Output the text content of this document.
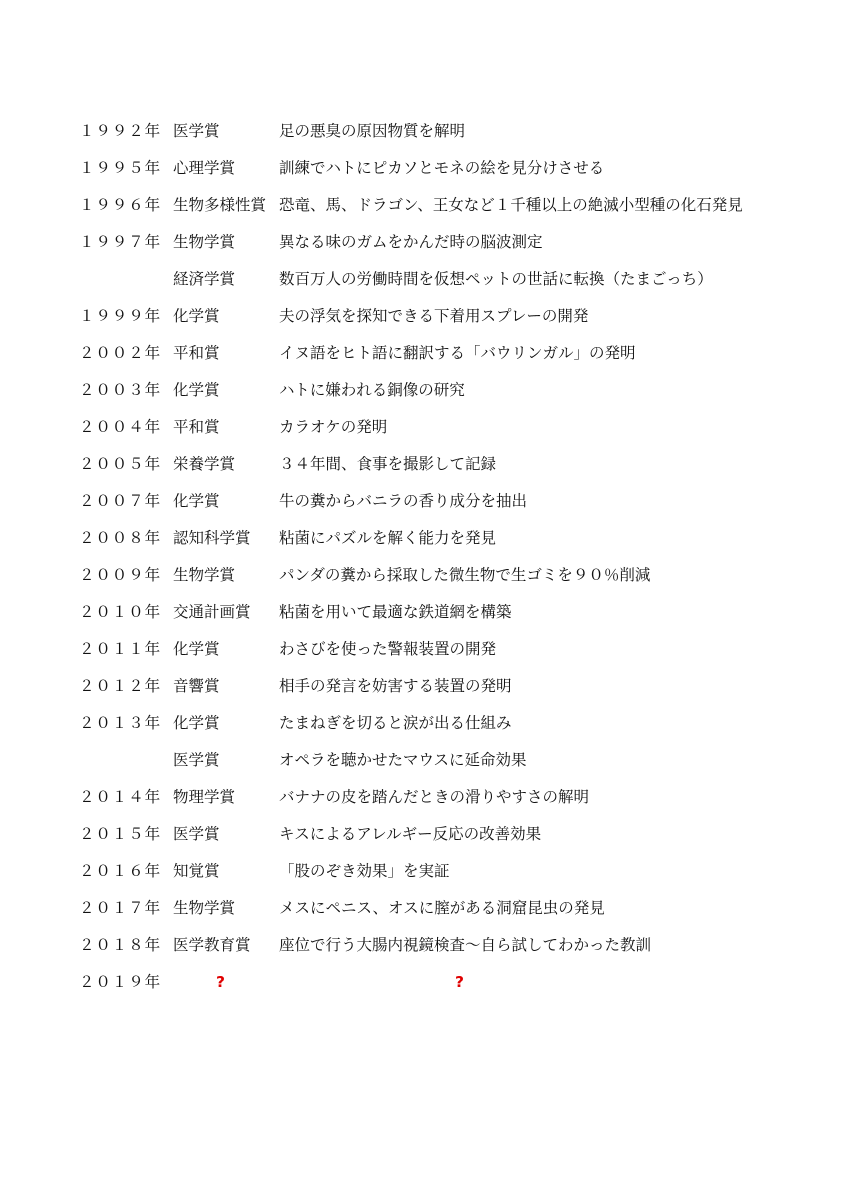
１９９２年 医学賞	足の悪臭の原因物質を解明
１９９５年 心理学賞	訓練でハトにピカソとモネの絵を見分けさせる
１９９６年 生物多様性賞 恐竜、馬、ドラゴン、王女など１千種以上の絶滅小型種の化石発見
１９９７年 生物学賞	異なる味のガムをかんだ時の脳波測定
経済学賞	数百万人の労働時間を仮想ペットの世話に転換（たまごっち）
１９９９年 化学賞	夫の浮気を探知できる下着用スプレーの開発
２００２年 平和賞	イヌ語をヒト語に翻訳する「バウリンガル」の発明
２００３年 化学賞	ハトに嫌われる銅像の研究
２００４年 平和賞	カラオケの発明
２００５年 栄養学賞	３４年間、食事を撮影して記録
２００７年 化学賞	牛の糞からバニラの香り成分を抽出
２００８年 認知科学賞	粘菌にパズルを解く能力を発見
２００９年 生物学賞	パンダの糞から採取した微生物で生ゴミを９０％削減
２０１０年 交通計画賞	粘菌を用いて最適な鉄道網を構築
２０１１年 化学賞	わさびを使った警報装置の開発
２０１２年 音響賞	相手の発言を妨害する装置の発明
２０１３年 化学賞	たまねぎを切ると涙が出る仕組み
医学賞	オペラを聴かせたマウスに延命効果
２０１４年 物理学賞	バナナの皮を踏んだときの滑りやすさの解明
２０１５年 医学賞	キスによるアレルギー反応の改善効果
２０１６年 知覚賞	「股のぞき効果」を実証
２０１７年 生物学賞	メスにペニス、オスに膣がある洞窟昆虫の発見
２０１８年 医学教育賞	座位で行う大腸内視鏡検査～自ら試してわかった教訓
２０１９年	?	?
